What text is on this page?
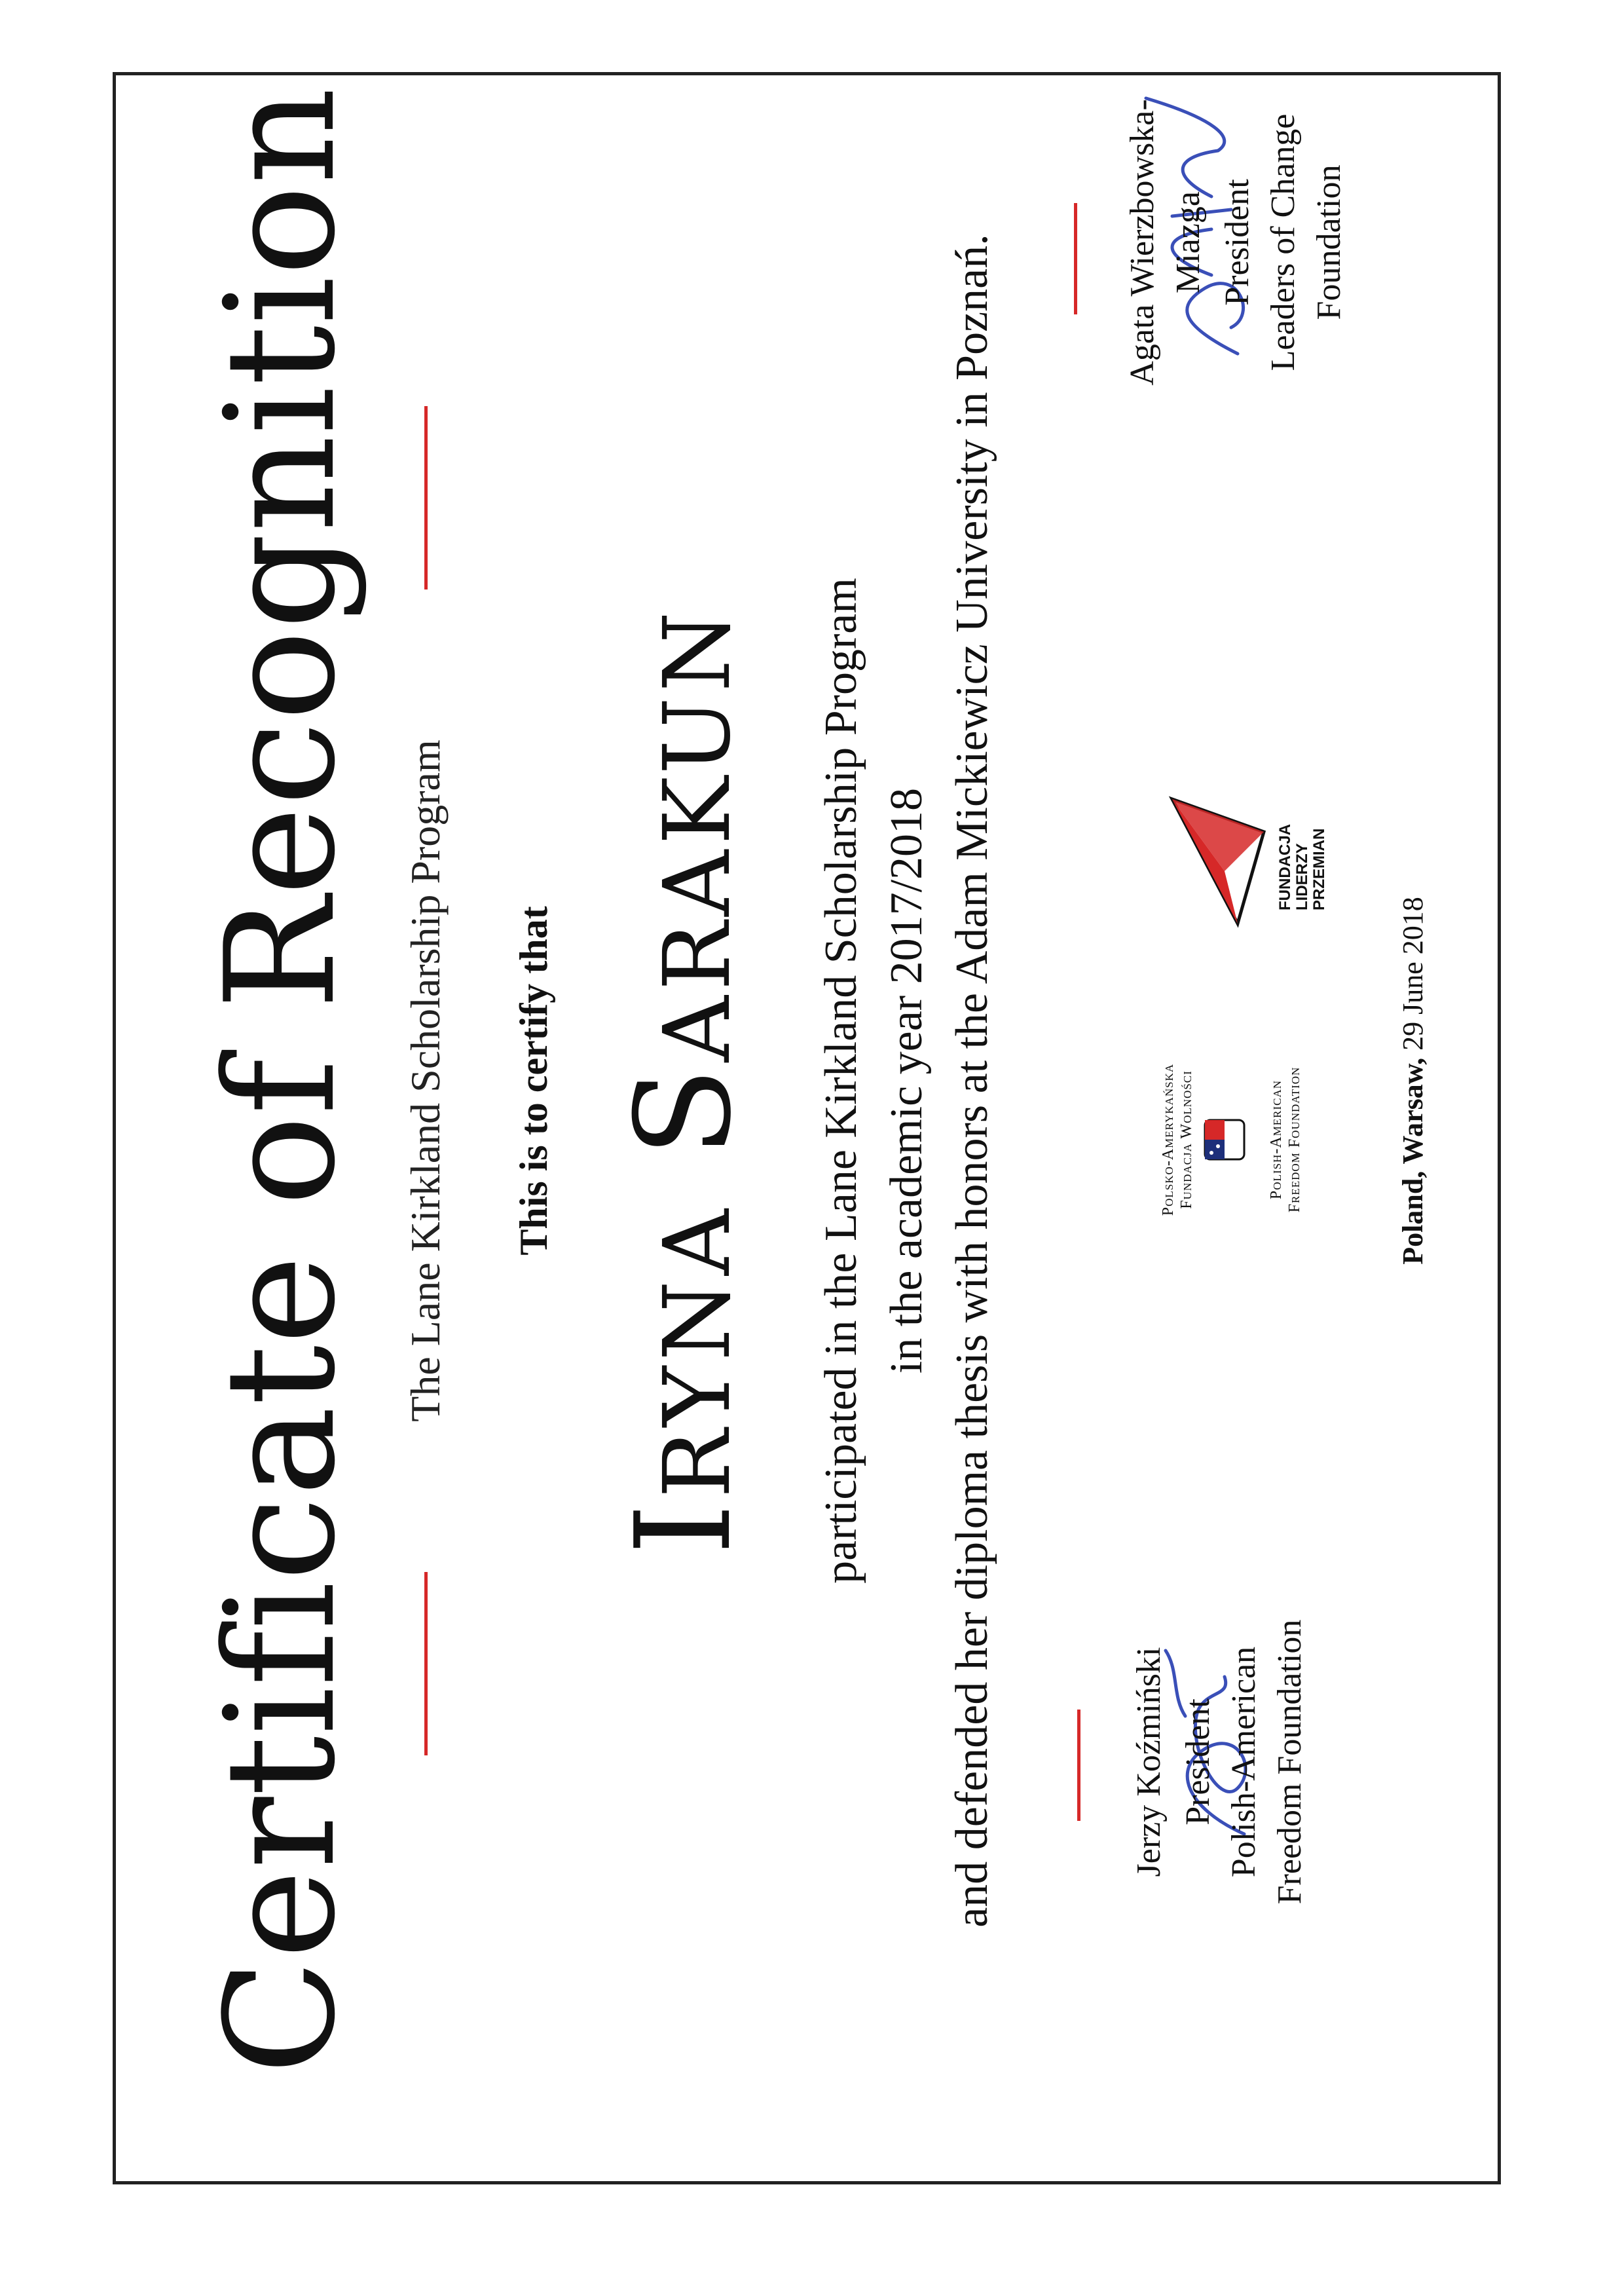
Certificate of Recognition The Lane Kirkland Scholarship Program This is to certify that Iryna Sarakun participated in the Lane Kirkland Scholarship Program in the academic year 2017/2018 and defended her diploma thesis with honors at the Adam Mickiewicz University in Poznań.	Jerzy Koźmiński President Polish-American Freedom Foundation
Polsko-Amerykańska Fundacja Wolności	Polish-American Freedom Foundation
FUNDACJA LIDERZY PRZEMIAN
Agata Wierzbowska-Miazga President Leaders of Change Foundation
Poland, Warsaw, 29 June 2018
